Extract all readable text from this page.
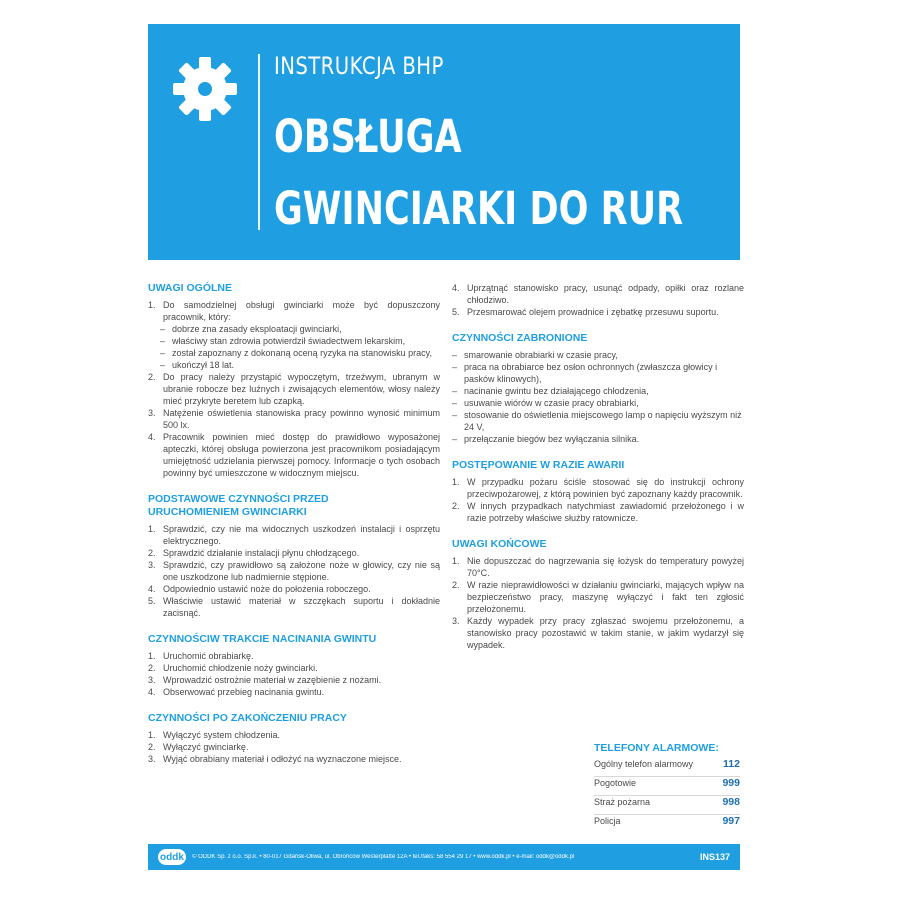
INSTRUKCJA BHP
OBSŁUGA
GWINCIARKI DO RUR
UWAGI OGÓLNE
1. Do samodzielnej obsługi gwinciarki może być dopuszczony pracownik, który:
– dobrze zna zasady eksploatacji gwinciarki,
– właściwy stan zdrowia potwierdził świadectwem lekarskim,
– został zapoznany z dokonaną oceną ryzyka na stanowisku pracy,
– ukończył 18 lat.
2. Do pracy należy przystąpić wypoczętym, trzeźwym, ubranym w ubranie robocze bez luźnych i zwisających elementów, włosy należy mieć przykryte beretem lub czapką.
3. Natężenie oświetlenia stanowiska pracy powinno wynosić minimum 500 lx.
4. Pracownik powinien mieć dostęp do prawidłowo wyposażonej apteczki, której obsługa powierzona jest pracownikom posiadającym umiejętność udzielania pierwszej pomocy. Informacje o tych osobach powinny być umieszczone w widocznym miejscu.
PODSTAWOWE CZYNNOŚCI PRZED
URUCHOMIENIEM GWINCIARKI
1. Sprawdzić, czy nie ma widocznych uszkodzeń instalacji i osprzętu elektrycznego.
2. Sprawdzić działanie instalacji płynu chłodzącego.
3. Sprawdzić, czy prawidłowo są założone noże w głowicy, czy nie są one uszkodzone lub nadmiernie stępione.
4. Odpowiednio ustawić noże do położenia roboczego.
5. Właściwie ustawić materiał w szczękach suportu i dokładnie zacisnąć.
CZYNNOŚCIW TRAKCIE NACINANIA GWINTU
1. Uruchomić obrabiarkę.
2. Uruchomić chłodzenie noży gwinciarki.
3. Wprowadzić ostrożnie materiał w zazębienie z nożami.
4. Obserwować przebieg nacinania gwintu.
CZYNNOŚCI PO ZAKOŃCZENIU PRACY
1. Wyłączyć system chłodzenia.
2. Wyłączyć gwinciarkę.
3. Wyjąć obrabiany materiał i odłożyć na wyznaczone miejsce.
4. Uprzątnąć stanowisko pracy, usunąć odpady, opiłki oraz rozlane chłodziwo.
5. Przesmarować olejem prowadnice i zębatkę przesuwu suportu.
CZYNNOŚCI ZABRONIONE
– smarowanie obrabiarki w czasie pracy,
– praca na obrabiarce bez osłon ochronnych (zwłaszcza głowicy i pasków klinowych),
– nacinanie gwintu bez działającego chłodzenia,
– usuwanie wiórów w czasie pracy obrabiarki,
– stosowanie do oświetlenia miejscowego lamp o napięciu wyższym niż 24 V,
– przełączanie biegów bez wyłączania silnika.
POSTĘPOWANIE W RAZIE AWARII
1. W przypadku pożaru ściśle stosować się do instrukcji ochrony przeciwpożarowej, z którą powinien być zapoznany każdy pracownik.
2. W innych przypadkach natychmiast zawiadomić przełożonego i w razie potrzeby właściwe służby ratownicze.
UWAGI KOŃCOWE
1. Nie dopuszczać do nagrzewania się łożysk do temperatury powyżej 70°C.
2. W razie nieprawidłowości w działaniu gwinciarki, mających wpływ na bezpieczeństwo pracy, maszynę wyłączyć i fakt ten zgłosić przełożonemu.
3. Każdy wypadek przy pracy zgłaszać swojemu przełożonemu, a stanowisko pracy pozostawić w takim stanie, w jakim wydarzył się wypadek.
TELEFONY ALARMOWE:
Ogólny telefon alarmowy	112
Pogotowie	999
Straż pożarna	998
Policja	997
oddk	© ODDK Sp. z o.o. Sp.k. • 80-017 Gdańsk-Oliwa, ul. Obrońców Westerplatte 12A • tel./faks: 58 554 29 17 • www.oddk.pl • e-mail: oddk@oddk.pl	INS137
